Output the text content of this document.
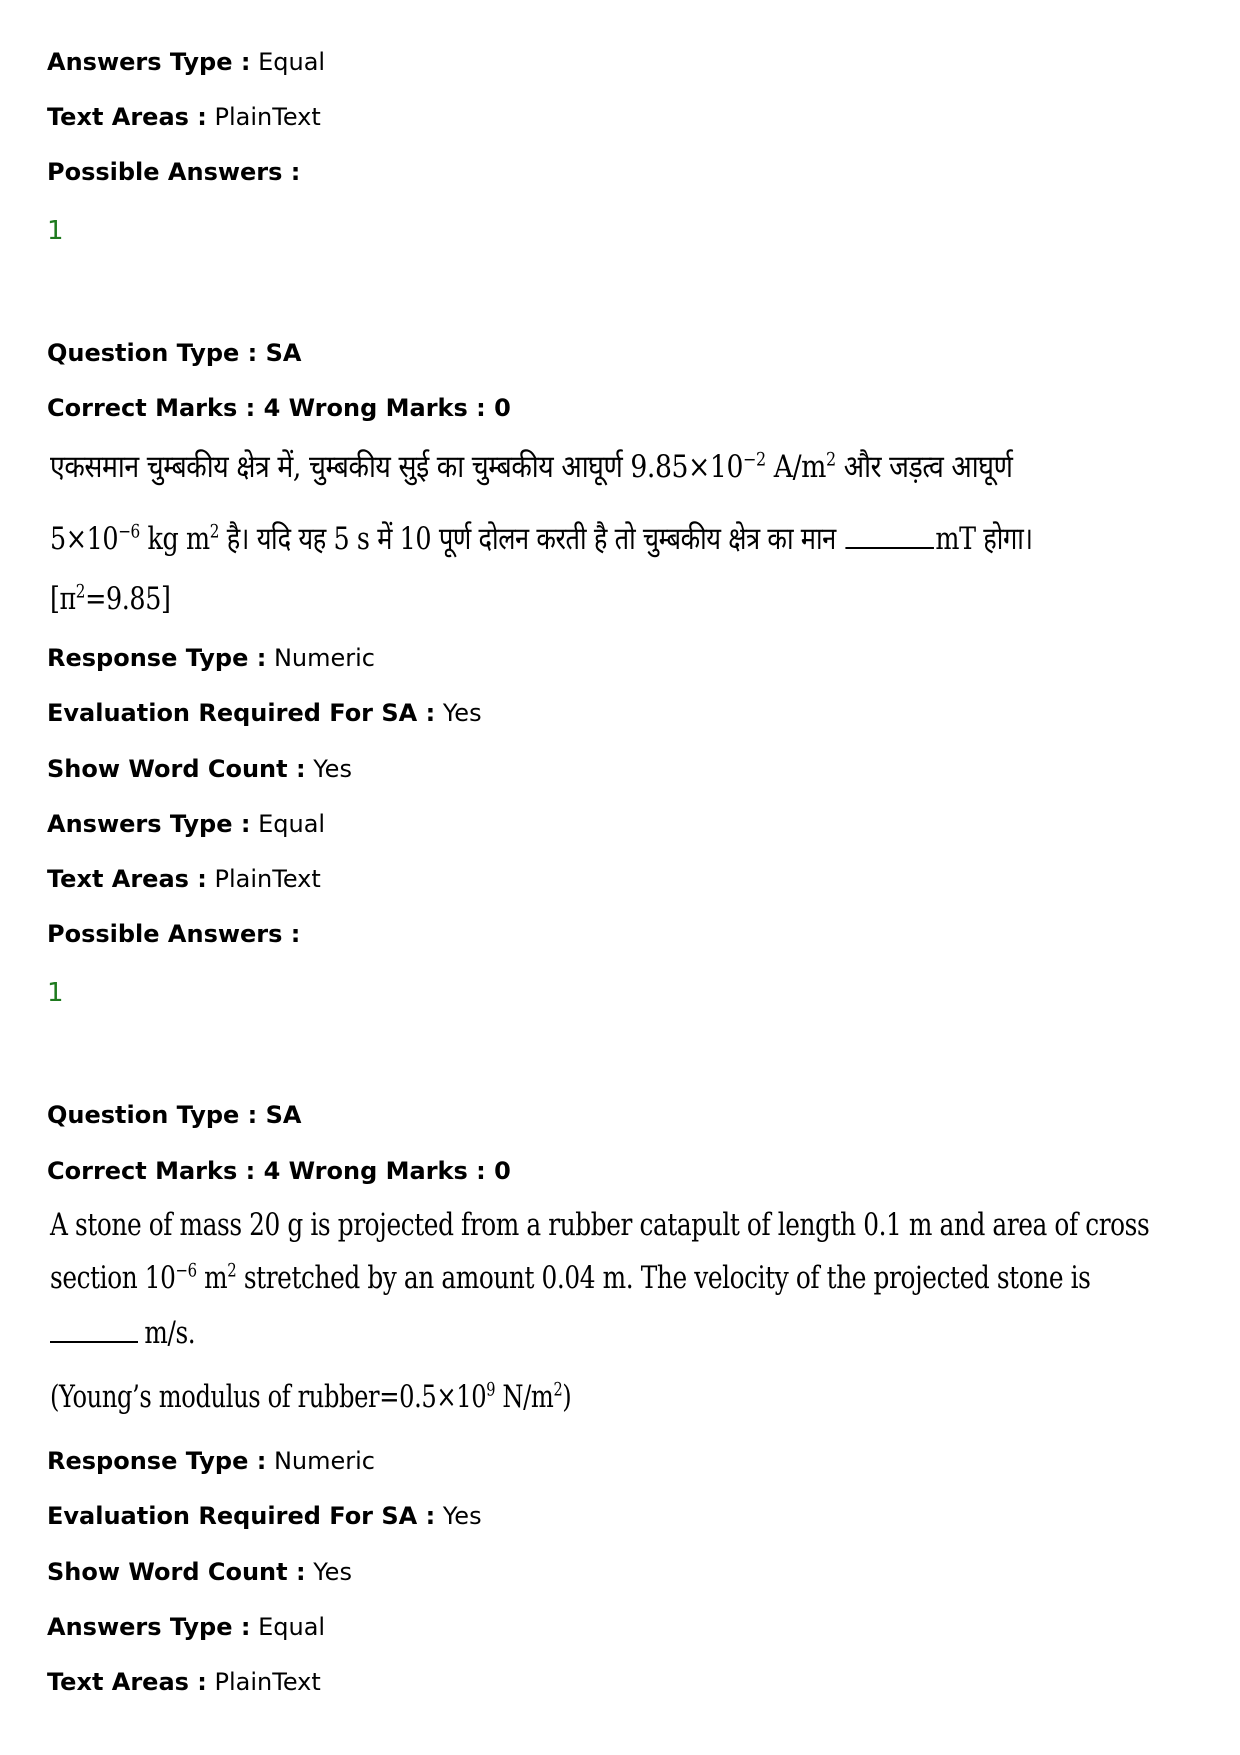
Answers Type : Equal
Text Areas : PlainText
Possible Answers :
1
Question Type : SA
Correct Marks : 4 Wrong Marks : 0
एकसमान चुम्बकीय क्षेत्र में, चुम्बकीय सुई का चुम्बकीय आघूर्ण $9.85\times 10^{-2}$ $A/m^2$ और जड़त्व आघूर्ण
$5\times 10^{-6}$ kg $m^2$ है। यदि यह 5 s में 10 पूर्ण दोलन करती है तो चुम्बकीय क्षेत्र का मान	mT होगा।
$[\pi^2=9.85]$
Response Type : Numeric
Evaluation Required For SA : Yes
Show Word Count : Yes
Answers Type : Equal
Text Areas : PlainText
Possible Answers :
1
Question Type : SA
Correct Marks : 4 Wrong Marks : 0
A stone of mass 20 g is projected from a rubber catapult of length 0.1 m and area of cross
section $10^{-6}$ $m^2$ stretched by an amount 0.04 m. The velocity of the projected stone is
m/s.
(Young’s modulus of $rubber=0.5\times 10^9$ $N/m^2$)
Response Type : Numeric
Evaluation Required For SA : Yes
Show Word Count : Yes
Answers Type : Equal
Text Areas : PlainText
